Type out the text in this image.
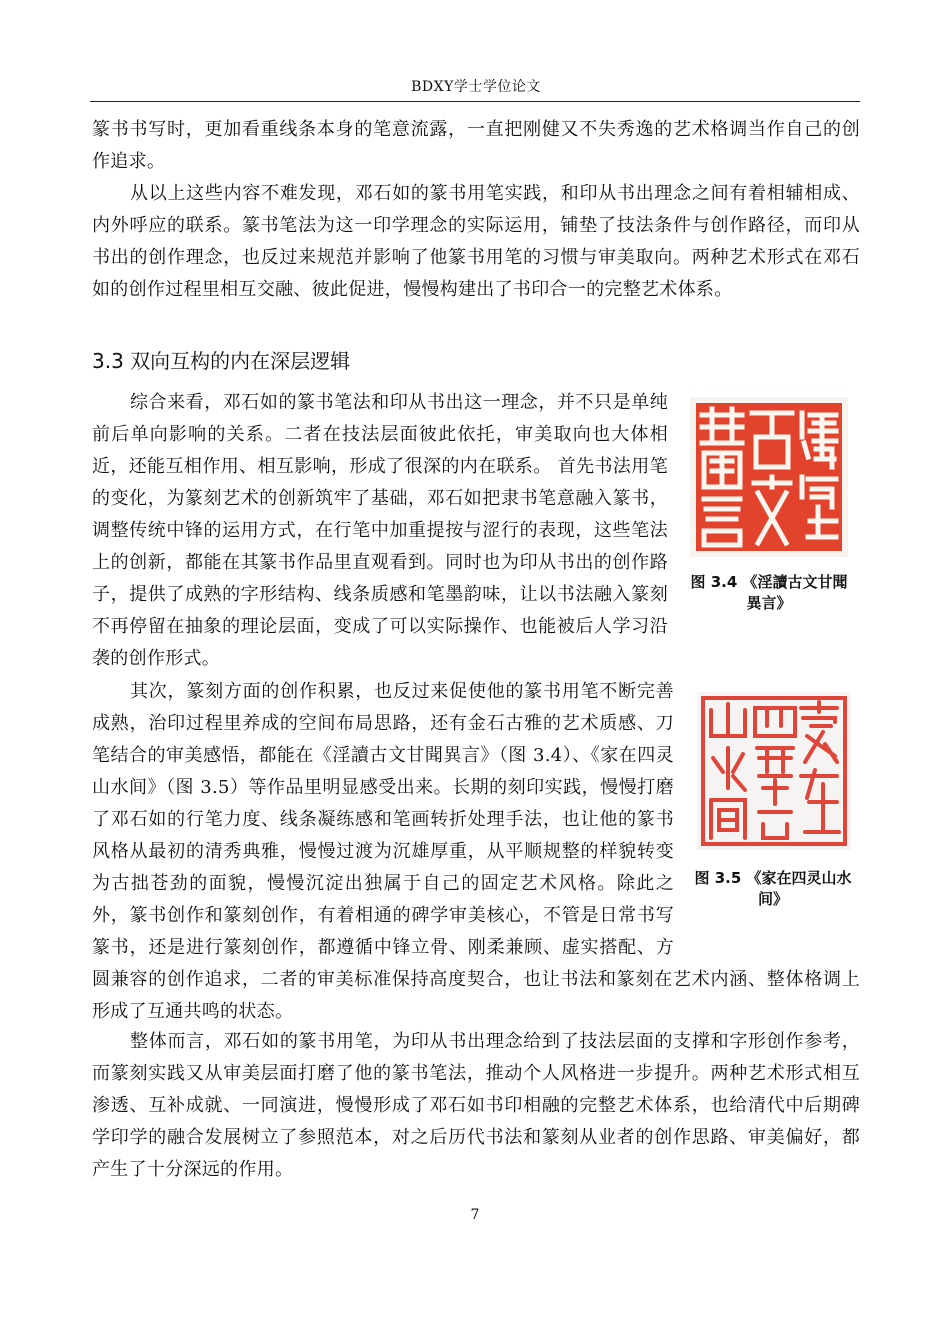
BDXY学士学位论文

篆书书写时，更加看重线条本身的笔意流露，一直把刚健又不失秀逸的艺术格调当作自己的创作追求。

从以上这些内容不难发现，邓石如的篆书用笔实践，和印从书出理念之间有着相辅相成、内外呼应的联系。篆书笔法为这一印学理念的实际运用，铺垫了技法条件与创作路径，而印从书出的创作理念，也反过来规范并影响了他篆书用笔的习惯与审美取向。两种艺术形式在邓石如的创作过程里相互交融、彼此促进，慢慢构建出了书印合一的完整艺术体系。

3.3 双向互构的内在深层逻辑

综合来看，邓石如的篆书笔法和印从书出这一理念，并不只是单纯前后单向影响的关系。二者在技法层面彼此依托，审美取向也大体相近，还能互相作用、相互影响，形成了很深的内在联系。 首先书法用笔的变化，为篆刻艺术的创新筑牢了基础，邓石如把隶书笔意融入篆书，调整传统中锋的运用方式，在行笔中加重提按与涩行的表现，这些笔法上的创新，都能在其篆书作品里直观看到。同时也为印从书出的创作路子，提供了成熟的字形结构、线条质感和笔墨韵味，让以书法融入篆刻不再停留在抽象的理论层面，变成了可以实际操作、也能被后人学习沿袭的创作形式。

其次，篆刻方面的创作积累，也反过来促使他的篆书用笔不断完善成熟，治印过程里养成的空间布局思路，还有金石古雅的艺术质感、刀笔结合的审美感悟，都能在《淫讀古文甘聞異言》（图 3.4）、《家在四灵山水间》（图 3.5）等作品里明显感受出来。长期的刻印实践，慢慢打磨了邓石如的行笔力度、线条凝练感和笔画转折处理手法，也让他的篆书风格从最初的清秀典雅，慢慢过渡为沉雄厚重，从平顺规整的样貌转变为古拙苍劲的面貌，慢慢沉淀出独属于自己的固定艺术风格。除此之外，篆书创作和篆刻创作，有着相通的碑学审美核心，不管是日常书写篆书，还是进行篆刻创作，都遵循中锋立骨、刚柔兼顾、虚实搭配、方圆兼容的创作追求，二者的审美标准保持高度契合，也让书法和篆刻在艺术内涵、整体格调上形成了互通共鸣的状态。

整体而言，邓石如的篆书用笔，为印从书出理念给到了技法层面的支撑和字形创作参考，而篆刻实践又从审美层面打磨了他的篆书笔法，推动个人风格进一步提升。两种艺术形式相互渗透、互补成就、一同演进，慢慢形成了邓石如书印相融的完整艺术体系，也给清代中后期碑学印学的融合发展树立了参照范本，对之后历代书法和篆刻从业者的创作思路、审美偏好，都产生了十分深远的作用。

图 3.4 《淫讀古文甘聞異言》
图 3.5 《家在四灵山水间》
7
